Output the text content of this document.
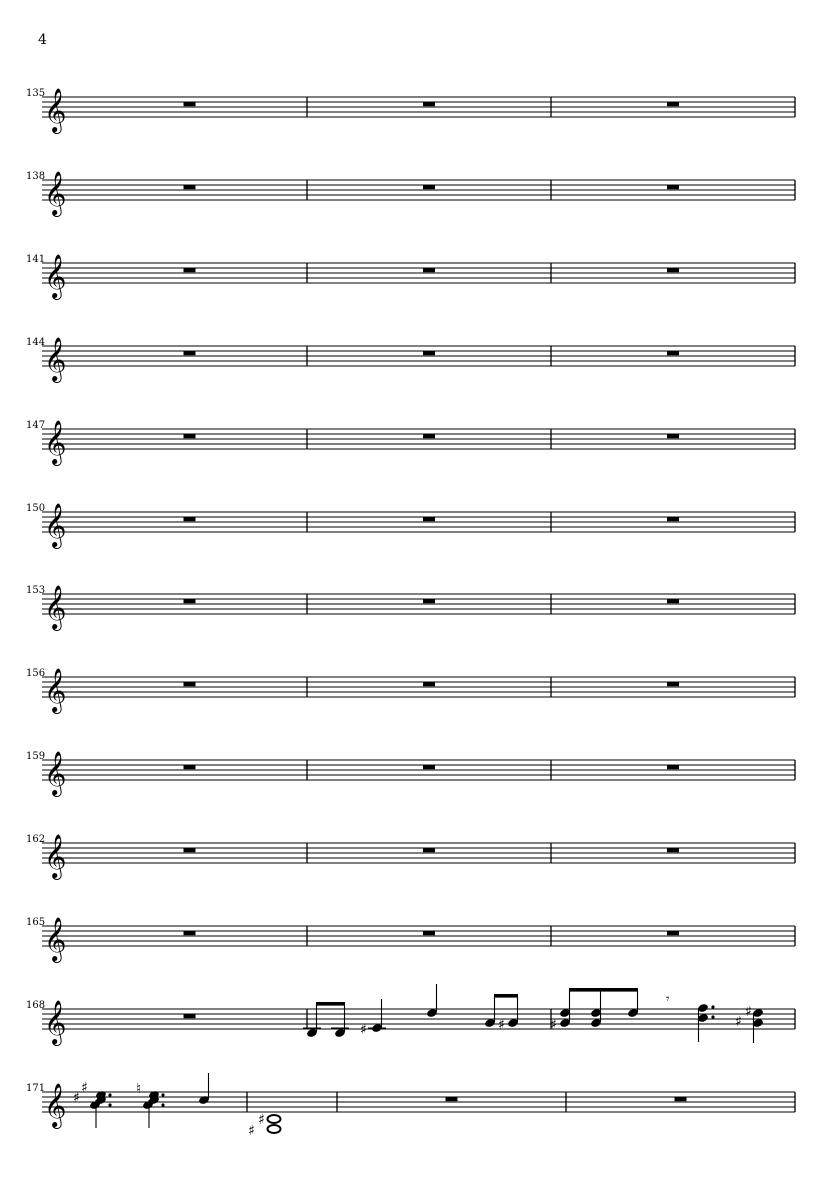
4
135
𝄞
138
𝄞
141
𝄞
144
𝄞
147
𝄞
150
𝄞
153
𝄞
156
𝄞
159
𝄞
162
𝄞
165
𝄞
168
𝄞
171
𝄞
♯	♯	♯
𝄾
♯
♯
♯
♯	♮
♯
♯
